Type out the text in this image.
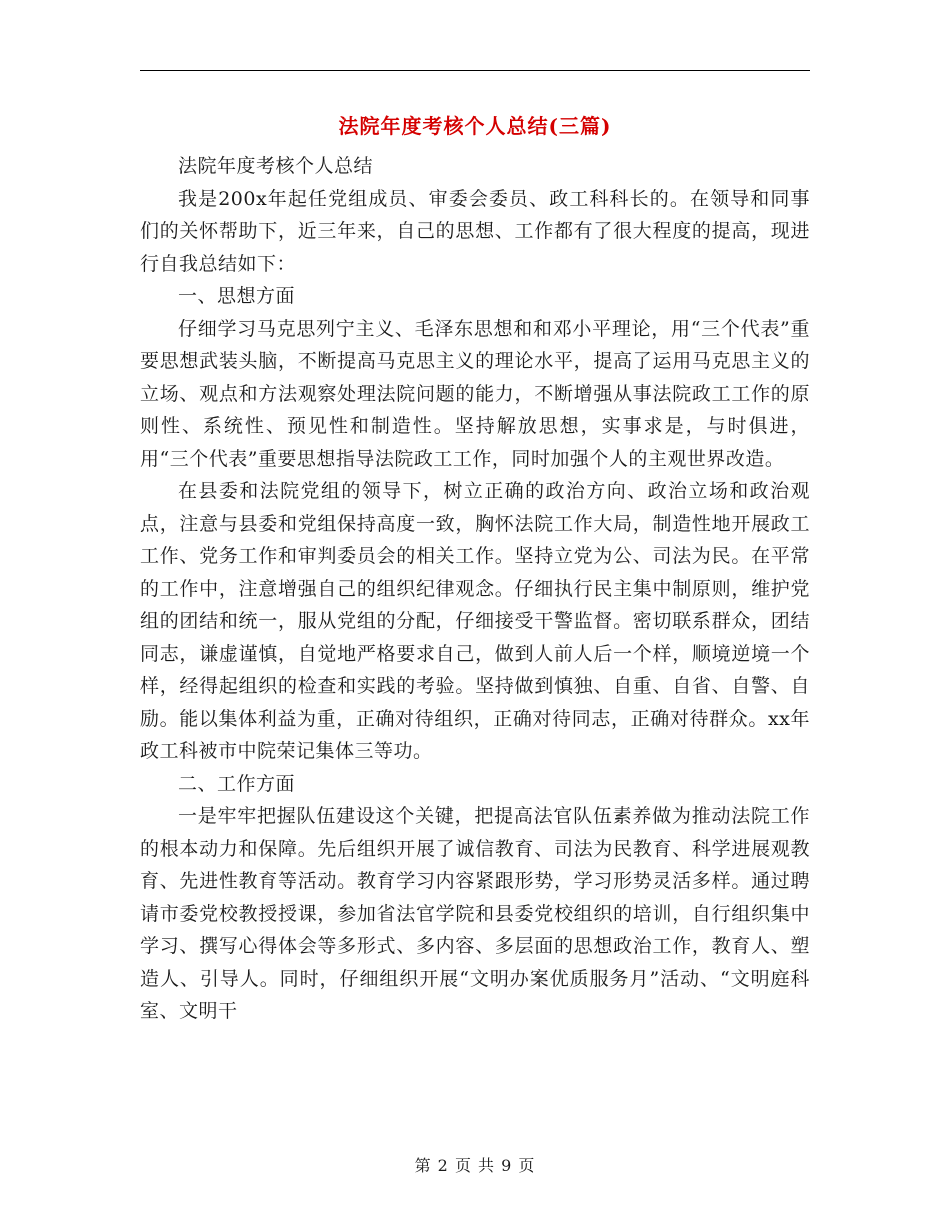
法院年度考核个人总结(三篇)

法院年度考核个人总结

我是200x年起任党组成员、审委会委员、政工科科长的。在领导和同事们的关怀帮助下，近三年来，自己的思想、工作都有了很大程度的提高，现进行自我总结如下：

一、思想方面

仔细学习马克思列宁主义、毛泽东思想和和邓小平理论，用“三个代表”重要思想武装头脑，不断提高马克思主义的理论水平，提高了运用马克思主义的立场、观点和方法观察处理法院问题的能力，不断增强从事法院政工工作的原则性、系统性、预见性和制造性。坚持解放思想，实事求是，与时俱进，用“三个代表”重要思想指导法院政工工作，同时加强个人的主观世界改造。

在县委和法院党组的领导下，树立正确的政治方向、政治立场和政治观点，注意与县委和党组保持高度一致，胸怀法院工作大局，制造性地开展政工工作、党务工作和审判委员会的相关工作。坚持立党为公、司法为民。在平常的工作中，注意增强自己的组织纪律观念。仔细执行民主集中制原则，维护党组的团结和统一，服从党组的分配，仔细接受干警监督。密切联系群众，团结同志，谦虚谨慎，自觉地严格要求自己，做到人前人后一个样，顺境逆境一个样，经得起组织的检查和实践的考验。坚持做到慎独、自重、自省、自警、自励。能以集体利益为重，正确对待组织，正确对待同志，正确对待群众。xx年政工科被市中院荣记集体三等功。

二、工作方面

一是牢牢把握队伍建设这个关键，把提高法官队伍素养做为推动法院工作的根本动力和保障。先后组织开展了诚信教育、司法为民教育、科学进展观教育、先进性教育等活动。教育学习内容紧跟形势，学习形势灵活多样。通过聘请市委党校教授授课，参加省法官学院和县委党校组织的培训，自行组织集中学习、撰写心得体会等多形式、多内容、多层面的思想政治工作，教育人、塑造人、引导人。同时，仔细组织开展“文明办案优质服务月”活动、“文明庭科室、文明干

第 2 页 共 9 页
